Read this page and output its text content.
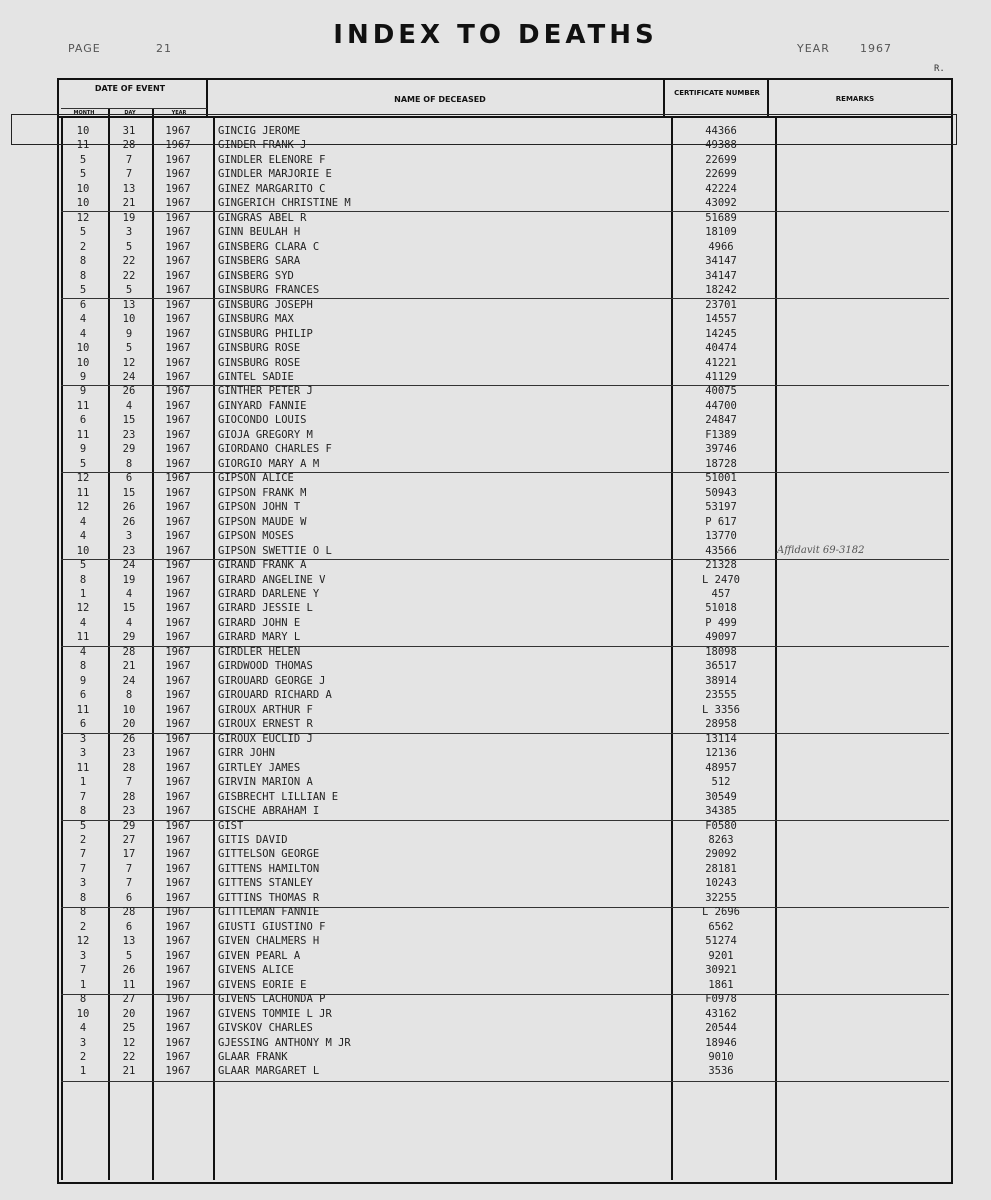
INDEX TO DEATHS
PAGE	21	YEAR	1967
R.
DATE OF EVENT
MONTH	DAY	YEAR
NAME OF DECEASED
CERTIFICATE NUMBER
REMARKS
10	31	1967	GINCIG JEROME	44366
11	28	1967	GINDER FRANK J	49388
5	7	1967	GINDLER ELENORE F	22699
5	7	1967	GINDLER MARJORIE E	22699
10	13	1967	GINEZ MARGARITO C	42224
10	21	1967	GINGERICH CHRISTINE M	43092
12	19	1967	GINGRAS ABEL R	51689
5	3	1967	GINN BEULAH H	18109
2	5	1967	GINSBERG CLARA C	4966
8	22	1967	GINSBERG SARA	34147
8	22	1967	GINSBERG SYD	34147
5	5	1967	GINSBURG FRANCES	18242
6	13	1967	GINSBURG JOSEPH	23701
4	10	1967	GINSBURG MAX	14557
4	9	1967	GINSBURG PHILIP	14245
10	5	1967	GINSBURG ROSE	40474
10	12	1967	GINSBURG ROSE	41221
9	24	1967	GINTEL SADIE	41129
9	26	1967	GINTHER PETER J	40075
11	4	1967	GINYARD FANNIE	44700
6	15	1967	GIOCONDO LOUIS	24847
11	23	1967	GIOJA GREGORY M	F1389
9	29	1967	GIORDANO CHARLES F	39746
5	8	1967	GIORGIO MARY A M	18728
12	6	1967	GIPSON ALICE	51001
11	15	1967	GIPSON FRANK M	50943
12	26	1967	GIPSON JOHN T	53197
4	26	1967	GIPSON MAUDE W	P 617
4	3	1967	GIPSON MOSES	13770
10	23	1967	GIPSON SWETTIE O L	43566	Affidavit 69-3182
5	24	1967	GIRAND FRANK A	21328
8	19	1967	GIRARD ANGELINE V	L 2470
1	4	1967	GIRARD DARLENE Y	457
12	15	1967	GIRARD JESSIE L	51018
4	4	1967	GIRARD JOHN E	P 499
11	29	1967	GIRARD MARY L	49097
4	28	1967	GIRDLER HELEN	18098
8	21	1967	GIRDWOOD THOMAS	36517
9	24	1967	GIROUARD GEORGE J	38914
6	8	1967	GIROUARD RICHARD A	23555
11	10	1967	GIROUX ARTHUR F	L 3356
6	20	1967	GIROUX ERNEST R	28958
3	26	1967	GIROUX EUCLID J	13114
3	23	1967	GIRR JOHN	12136
11	28	1967	GIRTLEY JAMES	48957
1	7	1967	GIRVIN MARION A	512
7	28	1967	GISBRECHT LILLIAN E	30549
8	23	1967	GISCHE ABRAHAM I	34385
5	29	1967	GIST	F0580
2	27	1967	GITIS DAVID	8263
7	17	1967	GITTELSON GEORGE	29092
7	7	1967	GITTENS HAMILTON	28181
3	7	1967	GITTENS STANLEY	10243
8	6	1967	GITTINS THOMAS R	32255
8	28	1967	GITTLEMAN FANNIE	L 2696
2	6	1967	GIUSTI GIUSTINO F	6562
12	13	1967	GIVEN CHALMERS H	51274
3	5	1967	GIVEN PEARL A	9201
7	26	1967	GIVENS ALICE	30921
1	11	1967	GIVENS EORIE E	1861
8	27	1967	GIVENS LACHONDA P	F0978
10	20	1967	GIVENS TOMMIE L JR	43162
4	25	1967	GIVSKOV CHARLES	20544
3	12	1967	GJESSING ANTHONY M JR	18946
2	22	1967	GLAAR FRANK	9010
1	21	1967	GLAAR MARGARET L	3536
